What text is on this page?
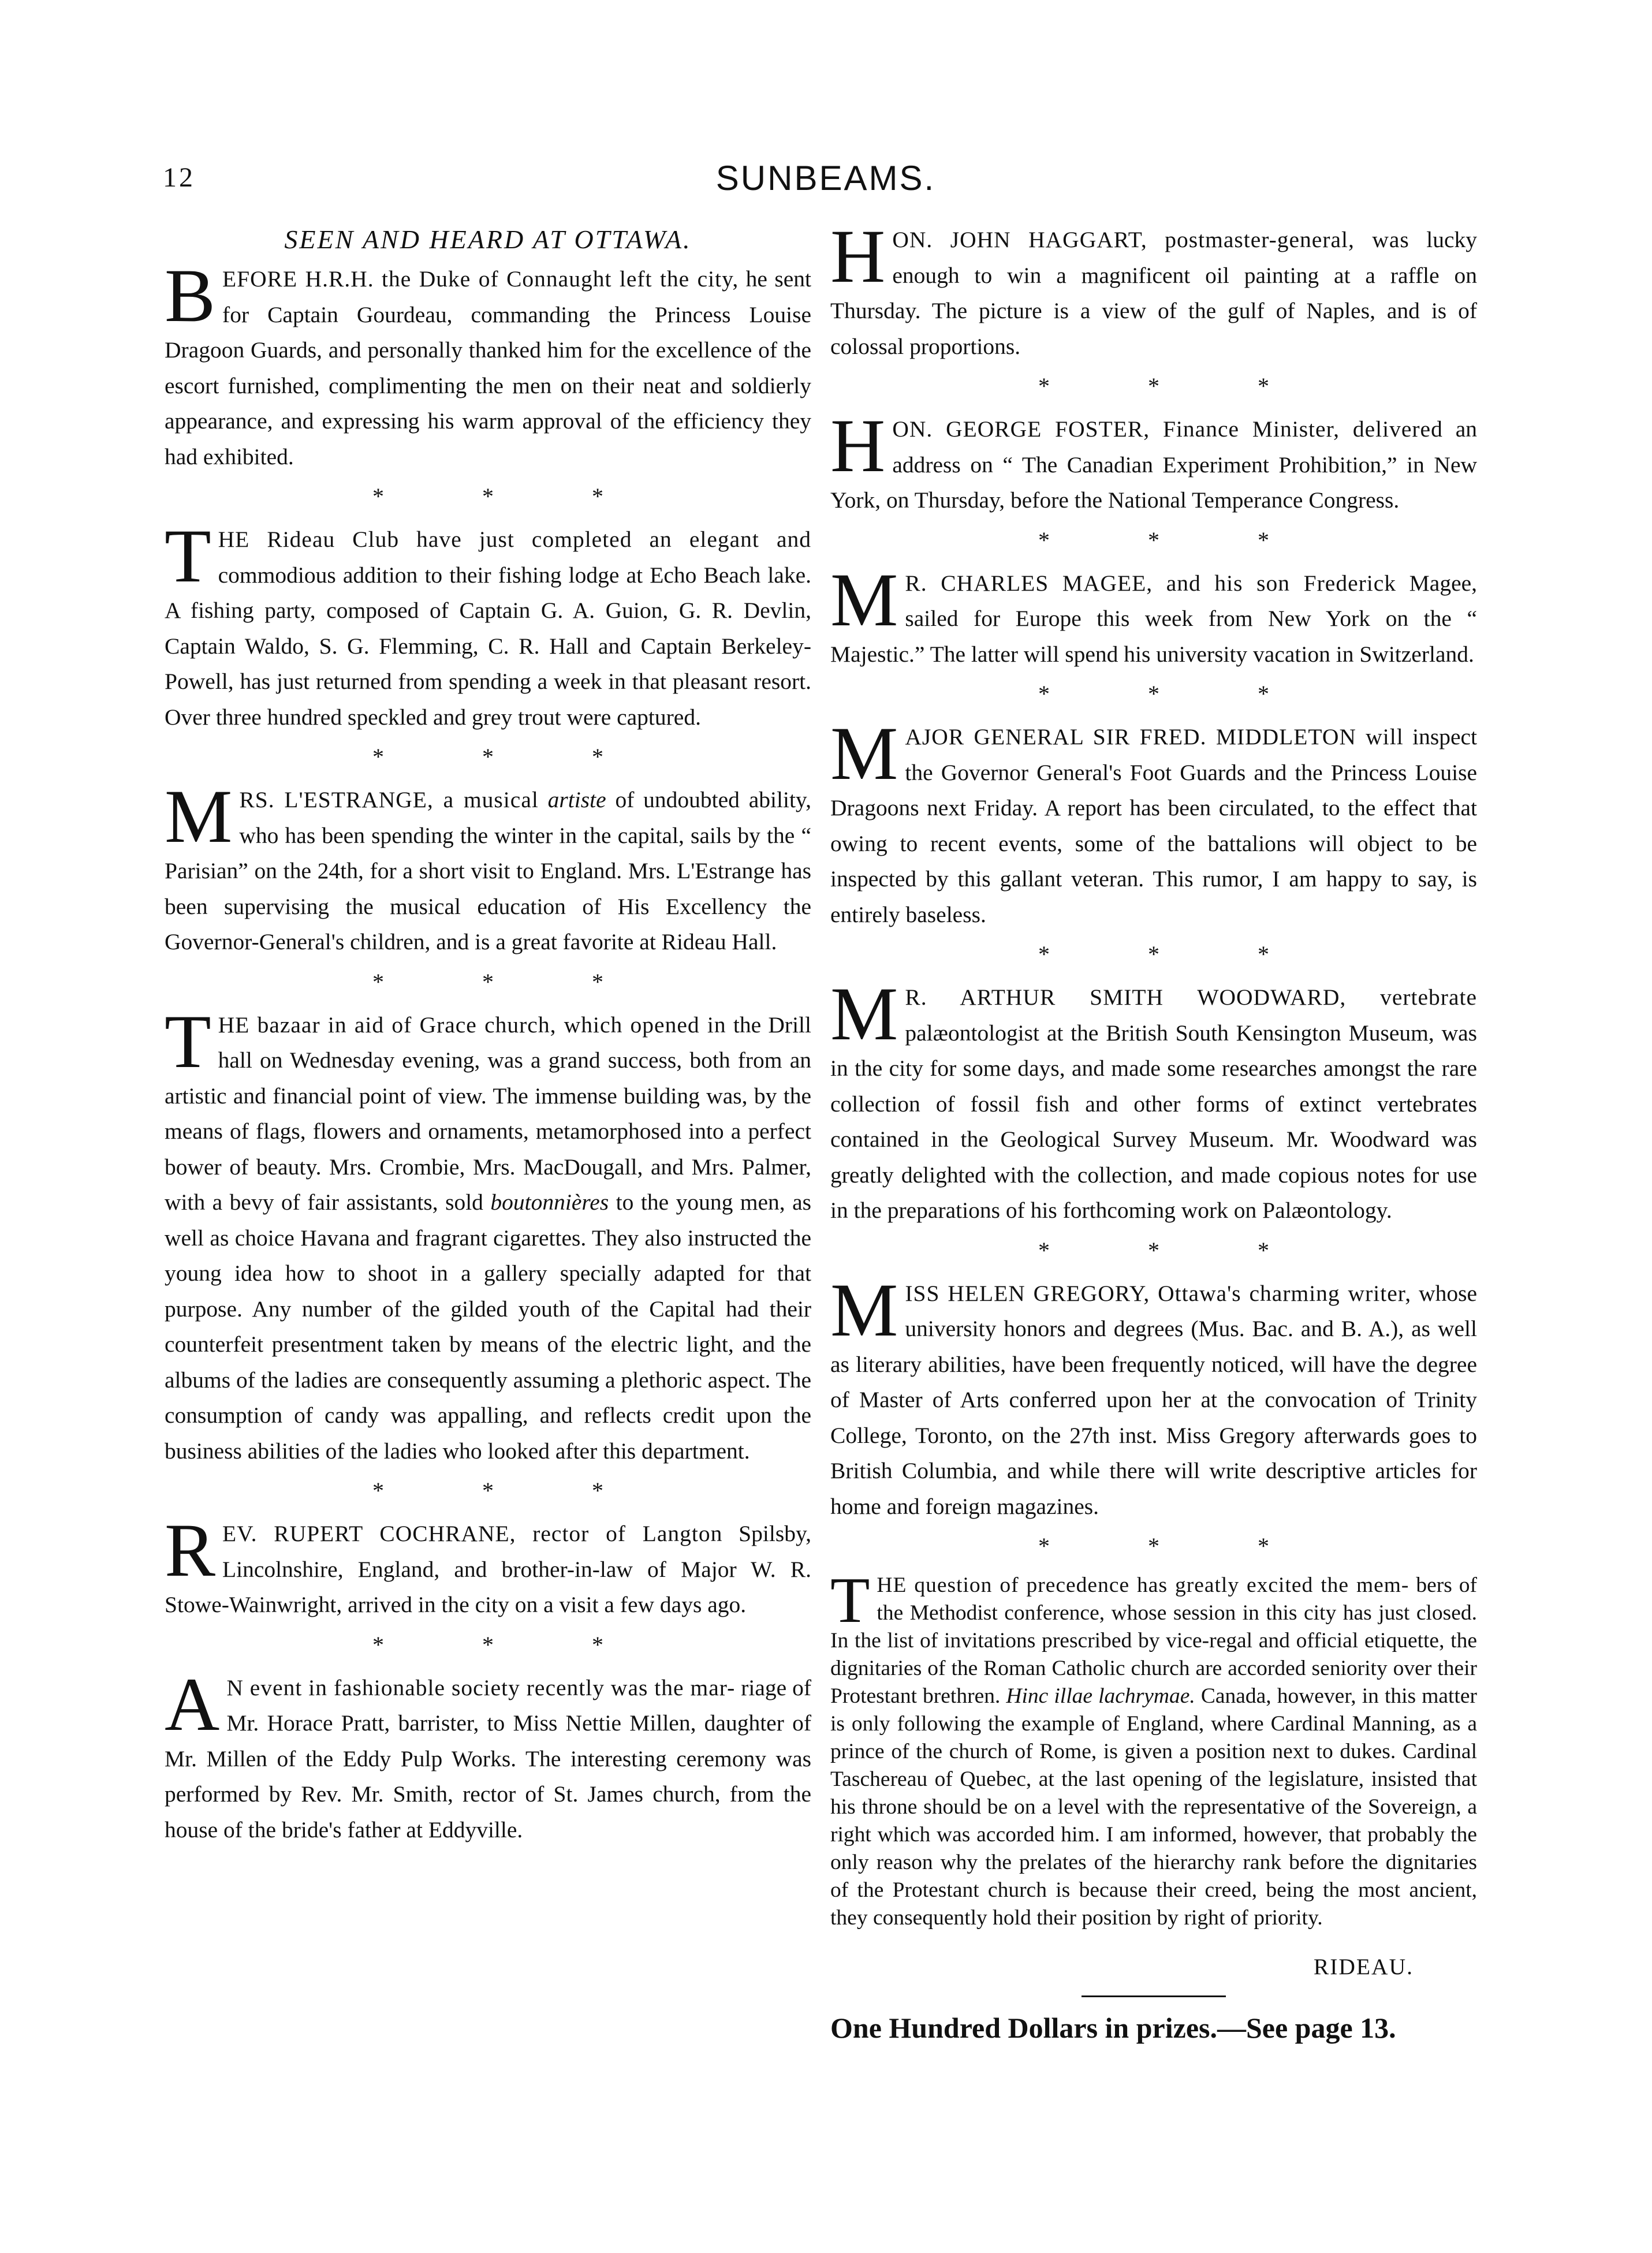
12	SUNBEAMS.
SEEN AND HEARD AT OTTAWA.

BEFORE H.R.H. the Duke of Connaught left the city, he sent for Captain Gourdeau, commanding the Princess Louise Dragoon Guards, and personally thanked him for the excellence of the escort furnished, complimenting the men on their neat and soldierly appearance, and expressing his warm approval of the efficiency they had exhibited.

* * *

THE Rideau Club have just completed an elegant and commodious addition to their fishing lodge at Echo Beach lake. A fishing party, composed of Captain G. A. Guion, G. R. Devlin, Captain Waldo, S. G. Flemming, C. R. Hall and Captain Berkeley-Powell, has just returned from spending a week in that pleasant resort. Over three hundred speckled and grey trout were captured.

* * *

MRS. L'ESTRANGE, a musical artiste of undoubted ability, who has been spending the winter in the capital, sails by the “ Parisian” on the 24th, for a short visit to England. Mrs. L'Estrange has been supervising the musical education of His Excellency the Governor-General's children, and is a great favorite at Rideau Hall.

* * *

THE bazaar in aid of Grace church, which opened in the Drill hall on Wednesday evening, was a grand success, both from an artistic and financial point of view. The immense building was, by the means of flags, flowers and ornaments, metamorphosed into a perfect bower of beauty. Mrs. Crombie, Mrs. MacDougall, and Mrs. Palmer, with a bevy of fair assistants, sold boutonnières to the young men, as well as choice Havana and fragrant cigarettes. They also instructed the young idea how to shoot in a gallery specially adapted for that purpose. Any number of the gilded youth of the Capital had their counterfeit presentment taken by means of the electric light, and the albums of the ladies are consequently assuming a plethoric aspect. The consumption of candy was appalling, and reflects credit upon the business abilities of the ladies who looked after this department.

* * *

REV. RUPERT COCHRANE, rector of Langton Spilsby, Lincolnshire, England, and brother-in-law of Major W. R. Stowe-Wainwright, arrived in the city on a visit a few days ago.

* * *

A N event in fashionable society recently was the mar- riage of Mr. Horace Pratt, barrister, to Miss Nettie Millen, daughter of Mr. Millen of the Eddy Pulp Works. The interesting ceremony was performed by Rev. Mr. Smith, rector of St. James church, from the house of the bride's father at Eddyville.

HON. JOHN HAGGART, postmaster-general, was lucky enough to win a magnificent oil painting at a raffle on Thursday. The picture is a view of the gulf of Naples, and is of colossal proportions.

* * *

HON. GEORGE FOSTER, Finance Minister, delivered an address on “ The Canadian Experiment Prohibition,” in New York, on Thursday, before the National Temperance Congress.

* * *

M R. CHARLES MAGEE, and his son Frederick Magee, sailed for Europe this week from New York on the “ Majestic.” The latter will spend his university vacation in Switzerland.

* * *

MAJOR GENERAL SIR FRED. MIDDLETON will inspect the Governor General's Foot Guards and the Princess Louise Dragoons next Friday. A report has been circulated, to the effect that owing to recent events, some of the battalions will object to be inspected by this gallant veteran. This rumor, I am happy to say, is entirely baseless.

* * *

M R. ARTHUR SMITH WOODWARD, vertebrate palæontologist at the British South Kensington Museum, was in the city for some days, and made some researches amongst the rare collection of fossil fish and other forms of extinct vertebrates contained in the Geological Survey Museum. Mr. Woodward was greatly delighted with the collection, and made copious notes for use in the preparations of his forthcoming work on Palæontology.

* * *

MISS HELEN GREGORY, Ottawa's charming writer, whose university honors and degrees (Mus. Bac. and B. A.), as well as literary abilities, have been frequently noticed, will have the degree of Master of Arts conferred upon her at the convocation of Trinity College, Toronto, on the 27th inst. Miss Gregory afterwards goes to British Columbia, and while there will write descriptive articles for home and foreign magazines.

* * *

THE question of precedence has greatly excited the mem- bers of the Methodist conference, whose session in this city has just closed. In the list of invitations prescribed by vice-regal and official etiquette, the dignitaries of the Roman Catholic church are accorded seniority over their Protestant brethren. Hinc illae lachrymae. Canada, however, in this matter is only following the example of England, where Cardinal Manning, as a prince of the church of Rome, is given a position next to dukes. Cardinal Taschereau of Quebec, at the last opening of the legislature, insisted that his throne should be on a level with the representative of the Sovereign, a right which was accorded him. I am informed, however, that probably the only reason why the prelates of the hierarchy rank before the dignitaries of the Protestant church is because their creed, being the most ancient, they consequently hold their position by right of priority.

RIDEAU.
One Hundred Dollars in prizes.—See page 13.
